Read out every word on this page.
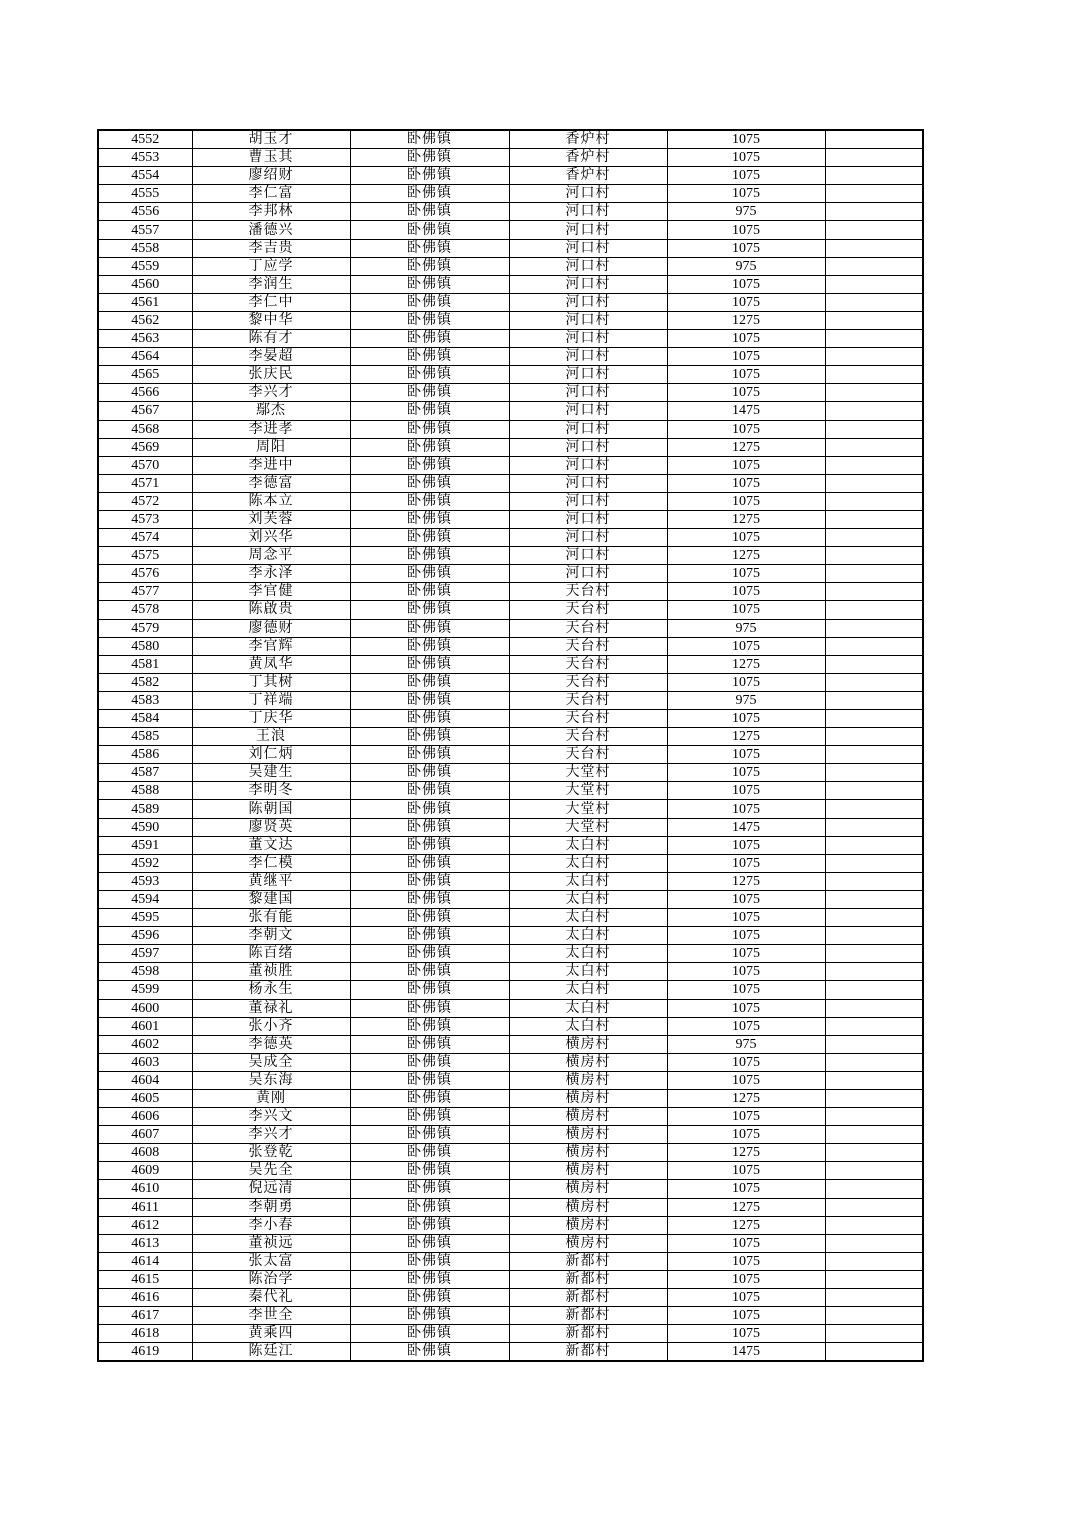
4552	胡玉才	卧佛镇	香炉村	1075	
4553	曹玉其	卧佛镇	香炉村	1075	
4554	廖绍财	卧佛镇	香炉村	1075	
4555	李仁富	卧佛镇	河口村	1075	
4556	李邦林	卧佛镇	河口村	975	
4557	潘德兴	卧佛镇	河口村	1075	
4558	李吉贵	卧佛镇	河口村	1075	
4559	丁应学	卧佛镇	河口村	975	
4560	李润生	卧佛镇	河口村	1075	
4561	李仁中	卧佛镇	河口村	1075	
4562	黎中华	卧佛镇	河口村	1275	
4563	陈有才	卧佛镇	河口村	1075	
4564	李晏超	卧佛镇	河口村	1075	
4565	张庆民	卧佛镇	河口村	1075	
4566	李兴才	卧佛镇	河口村	1075	
4567	鄢杰	卧佛镇	河口村	1475	
4568	李进孝	卧佛镇	河口村	1075	
4569	周阳	卧佛镇	河口村	1275	
4570	李进中	卧佛镇	河口村	1075	
4571	李德富	卧佛镇	河口村	1075	
4572	陈本立	卧佛镇	河口村	1075	
4573	刘芙蓉	卧佛镇	河口村	1275	
4574	刘兴华	卧佛镇	河口村	1075	
4575	周念平	卧佛镇	河口村	1275	
4576	李永泽	卧佛镇	河口村	1075	
4577	李官健	卧佛镇	天台村	1075	
4578	陈啟贵	卧佛镇	天台村	1075	
4579	廖德财	卧佛镇	天台村	975	
4580	李官辉	卧佛镇	天台村	1075	
4581	黄凤华	卧佛镇	天台村	1275	
4582	丁其树	卧佛镇	天台村	1075	
4583	丁祥端	卧佛镇	天台村	975	
4584	丁庆华	卧佛镇	天台村	1075	
4585	王浪	卧佛镇	天台村	1275	
4586	刘仁炳	卧佛镇	天台村	1075	
4587	吴建生	卧佛镇	大堂村	1075	
4588	李明冬	卧佛镇	大堂村	1075	
4589	陈朝国	卧佛镇	大堂村	1075	
4590	廖贤英	卧佛镇	大堂村	1475	
4591	董文达	卧佛镇	太白村	1075	
4592	李仁模	卧佛镇	太白村	1075	
4593	黄继平	卧佛镇	太白村	1275	
4594	黎建国	卧佛镇	太白村	1075	
4595	张有能	卧佛镇	太白村	1075	
4596	李朝文	卧佛镇	太白村	1075	
4597	陈百绪	卧佛镇	太白村	1075	
4598	董祯胜	卧佛镇	太白村	1075	
4599	杨永生	卧佛镇	太白村	1075	
4600	董禄礼	卧佛镇	太白村	1075	
4601	张小齐	卧佛镇	太白村	1075	
4602	李德英	卧佛镇	横房村	975	
4603	吴成全	卧佛镇	横房村	1075	
4604	吴东海	卧佛镇	横房村	1075	
4605	黄刚	卧佛镇	横房村	1275	
4606	李兴文	卧佛镇	横房村	1075	
4607	李兴才	卧佛镇	横房村	1075	
4608	张登乾	卧佛镇	横房村	1275	
4609	吴先全	卧佛镇	横房村	1075	
4610	倪远清	卧佛镇	横房村	1075	
4611	李朝勇	卧佛镇	横房村	1275	
4612	李小春	卧佛镇	横房村	1275	
4613	董祯远	卧佛镇	横房村	1075	
4614	张太富	卧佛镇	新都村	1075	
4615	陈治学	卧佛镇	新都村	1075	
4616	秦代礼	卧佛镇	新都村	1075	
4617	李世全	卧佛镇	新都村	1075	
4618	黄乘四	卧佛镇	新都村	1075	
4619	陈廷江	卧佛镇	新都村	1475	
